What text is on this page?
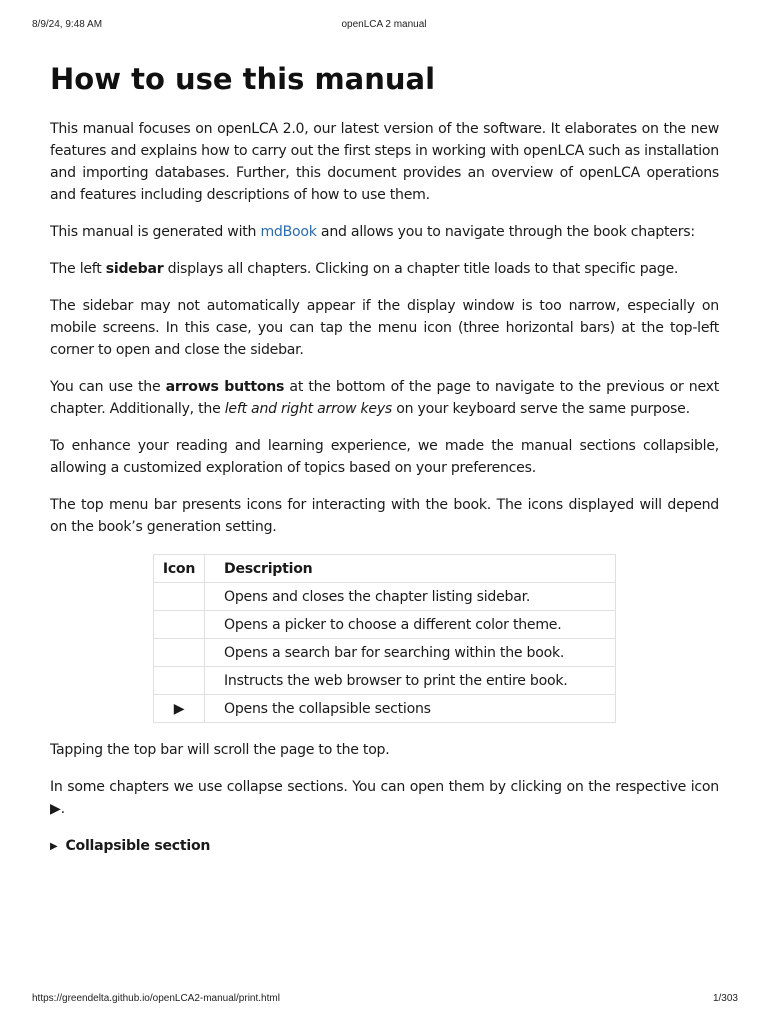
8/9/24, 9:48 AM	openLCA 2 manual
How to use this manual

This manual focuses on openLCA 2.0, our latest version of the software. It elaborates on the new features and explains how to carry out the first steps in working with openLCA such as installation and importing databases. Further, this document provides an overview of openLCA operations and features including descriptions of how to use them.

This manual is generated with mdBook and allows you to navigate through the book chapters:

The left sidebar displays all chapters. Clicking on a chapter title loads to that specific page.

The sidebar may not automatically appear if the display window is too narrow, especially on mobile screens. In this case, you can tap the menu icon (three horizontal bars) at the top-left corner to open and close the sidebar.

You can use the arrows buttons at the bottom of the page to navigate to the previous or next chapter. Additionally, the left and right arrow keys on your keyboard serve the same purpose.

To enhance your reading and learning experience, we made the manual sections collapsible, allowing a customized exploration of topics based on your preferences.

The top menu bar presents icons for interacting with the book. The icons displayed will depend on the book’s generation setting.

Icon	Description
	Opens and closes the chapter listing sidebar.
	Opens a picker to choose a different color theme.
	Opens a search bar for searching within the book.
	Instructs the web browser to print the entire book.
▶	Opens the collapsible sections

Tapping the top bar will scroll the page to the top.

In some chapters we use collapse sections. You can open them by clicking on the respective icon ▶.

▶ Collapsible section
https://greendelta.github.io/openLCA2-manual/print.html	1/303
